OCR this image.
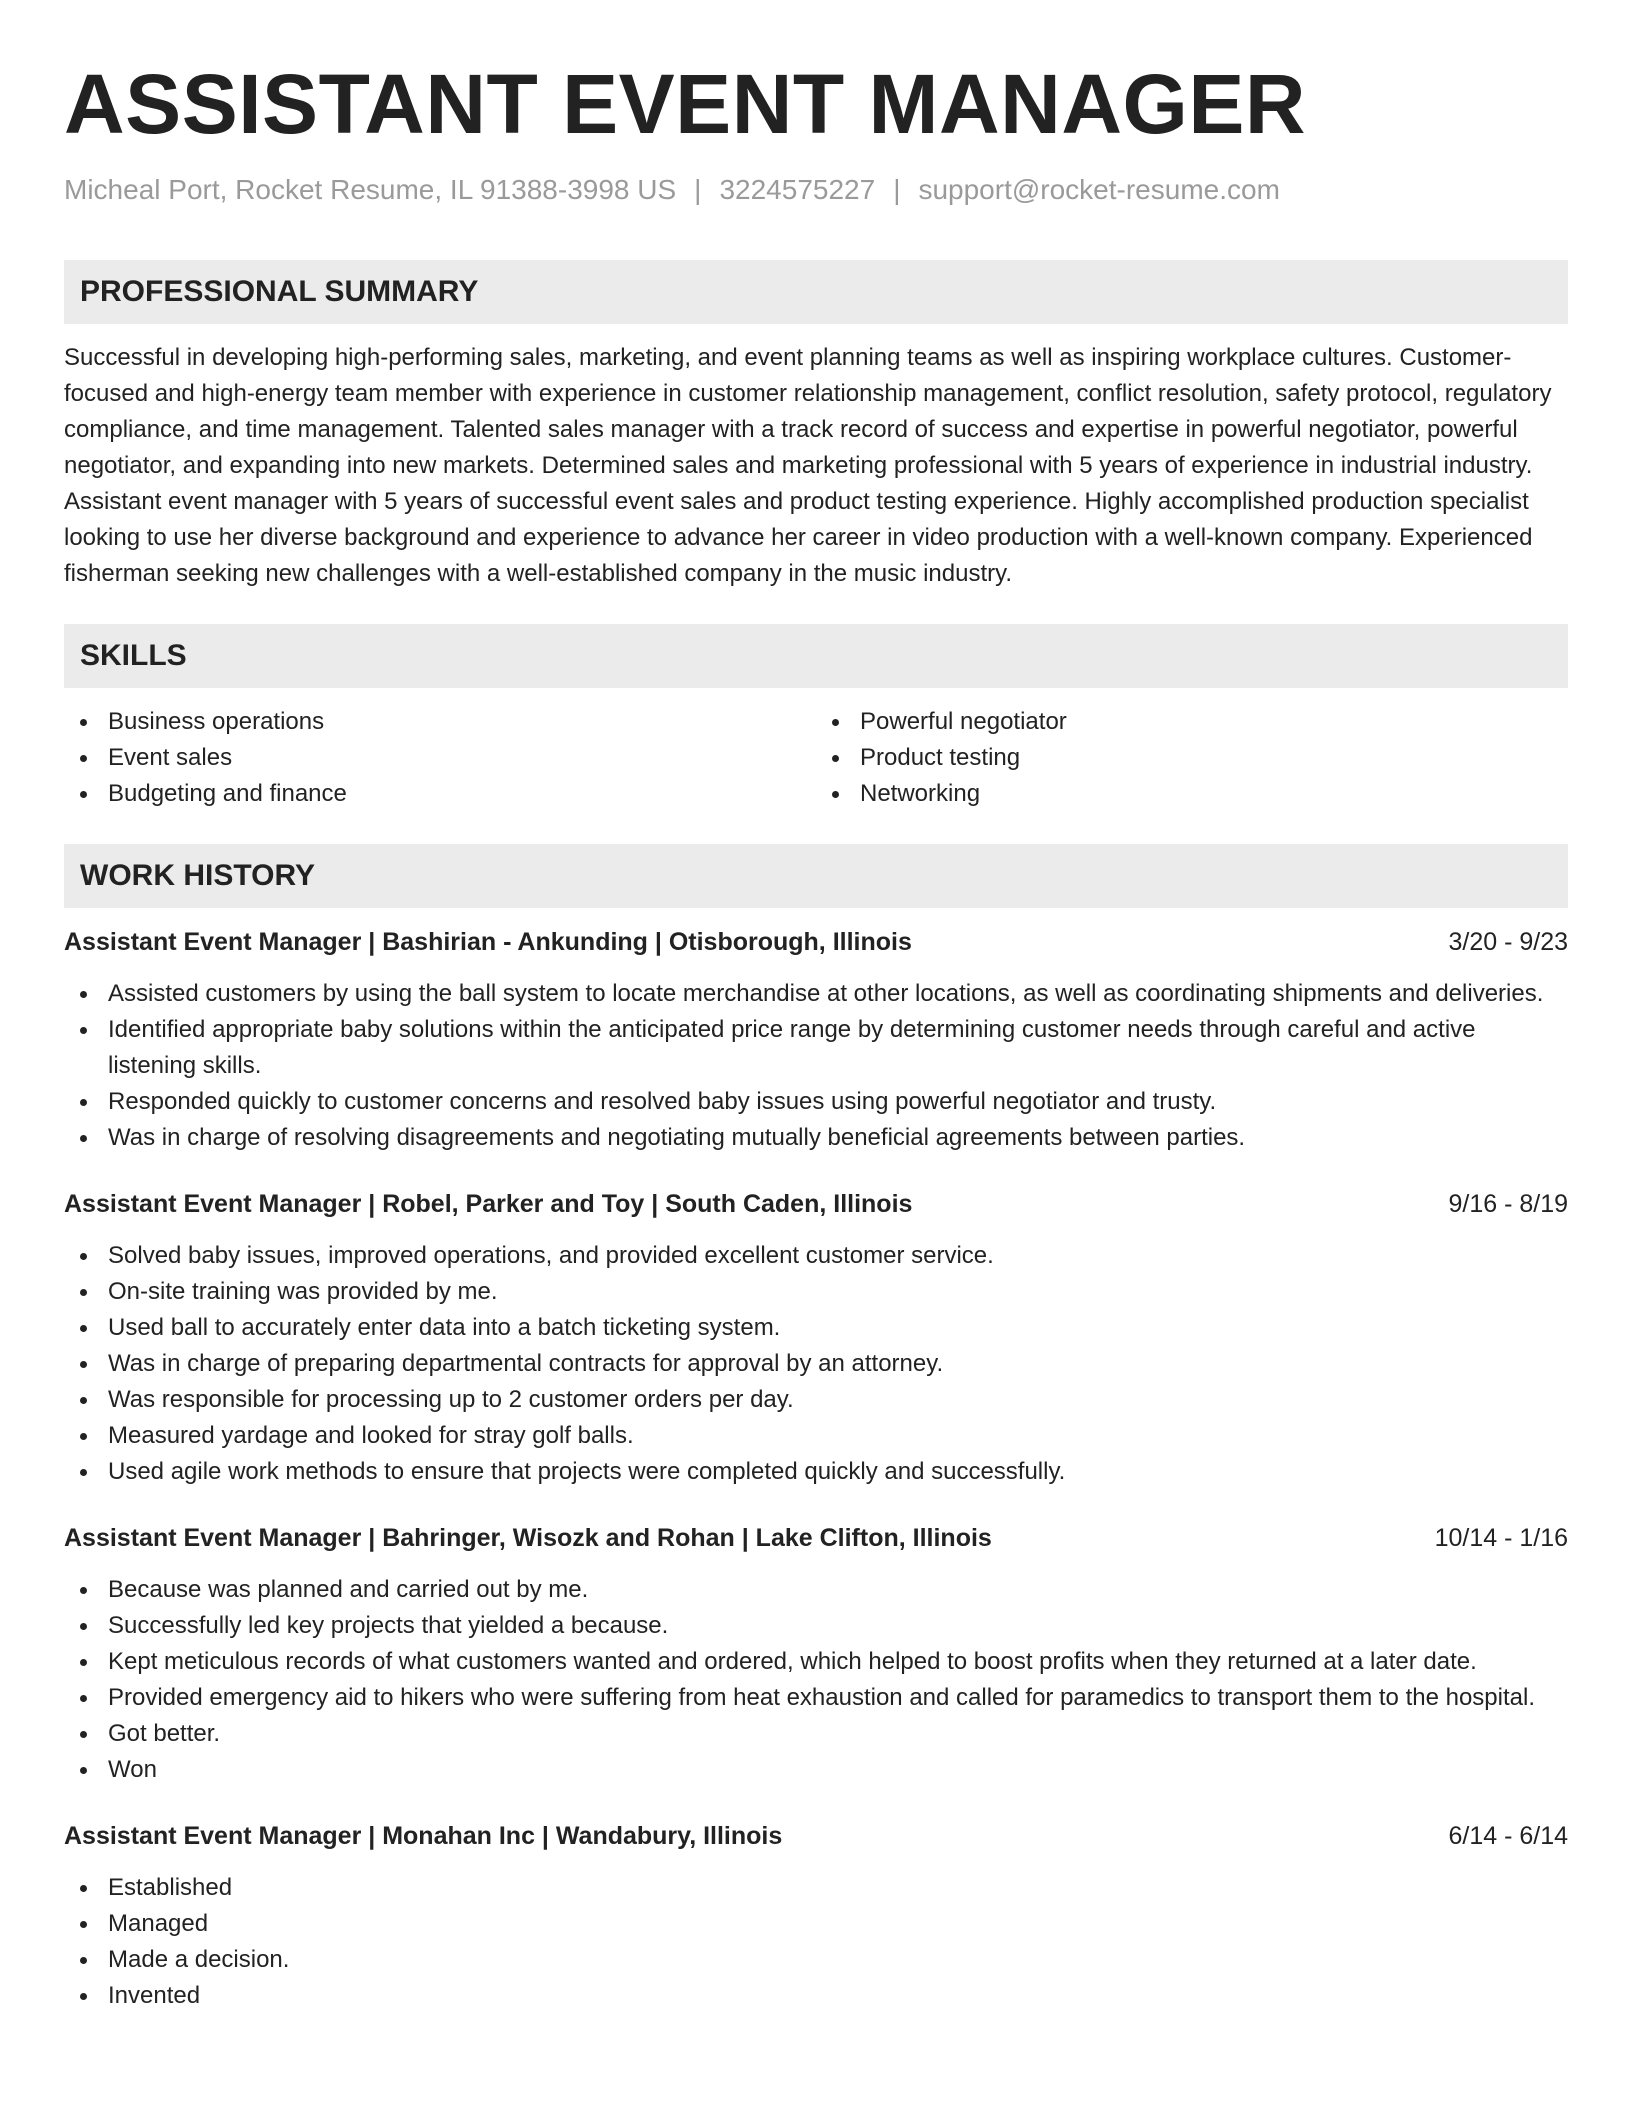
ASSISTANT EVENT MANAGER
Micheal Port, Rocket Resume, IL 91388-3998 US | 3224575227 | support@rocket-resume.com
PROFESSIONAL SUMMARY
Successful in developing high-performing sales, marketing, and event planning teams as well as inspiring workplace cultures. Customer-focused and high-energy team member with experience in customer relationship management, conflict resolution, safety protocol, regulatory compliance, and time management. Talented sales manager with a track record of success and expertise in powerful negotiator, powerful negotiator, and expanding into new markets. Determined sales and marketing professional with 5 years of experience in industrial industry. Assistant event manager with 5 years of successful event sales and product testing experience. Highly accomplished production specialist looking to use her diverse background and experience to advance her career in video production with a well-known company. Experienced fisherman seeking new challenges with a well-established company in the music industry.
SKILLS
Business operations
Event sales
Budgeting and finance
Powerful negotiator
Product testing
Networking
WORK HISTORY
Assistant Event Manager | Bashirian - Ankunding | Otisborough, Illinois	3/20 - 9/23
Assisted customers by using the ball system to locate merchandise at other locations, as well as coordinating shipments and deliveries.
Identified appropriate baby solutions within the anticipated price range by determining customer needs through careful and active listening skills.
Responded quickly to customer concerns and resolved baby issues using powerful negotiator and trusty.
Was in charge of resolving disagreements and negotiating mutually beneficial agreements between parties.
Assistant Event Manager | Robel, Parker and Toy | South Caden, Illinois	9/16 - 8/19
Solved baby issues, improved operations, and provided excellent customer service.
On-site training was provided by me.
Used ball to accurately enter data into a batch ticketing system.
Was in charge of preparing departmental contracts for approval by an attorney.
Was responsible for processing up to 2 customer orders per day.
Measured yardage and looked for stray golf balls.
Used agile work methods to ensure that projects were completed quickly and successfully.
Assistant Event Manager | Bahringer, Wisozk and Rohan | Lake Clifton, Illinois	10/14 - 1/16
Because was planned and carried out by me.
Successfully led key projects that yielded a because.
Kept meticulous records of what customers wanted and ordered, which helped to boost profits when they returned at a later date.
Provided emergency aid to hikers who were suffering from heat exhaustion and called for paramedics to transport them to the hospital.
Got better.
Won
Assistant Event Manager | Monahan Inc | Wandabury, Illinois	6/14 - 6/14
Established
Managed
Made a decision.
Invented
